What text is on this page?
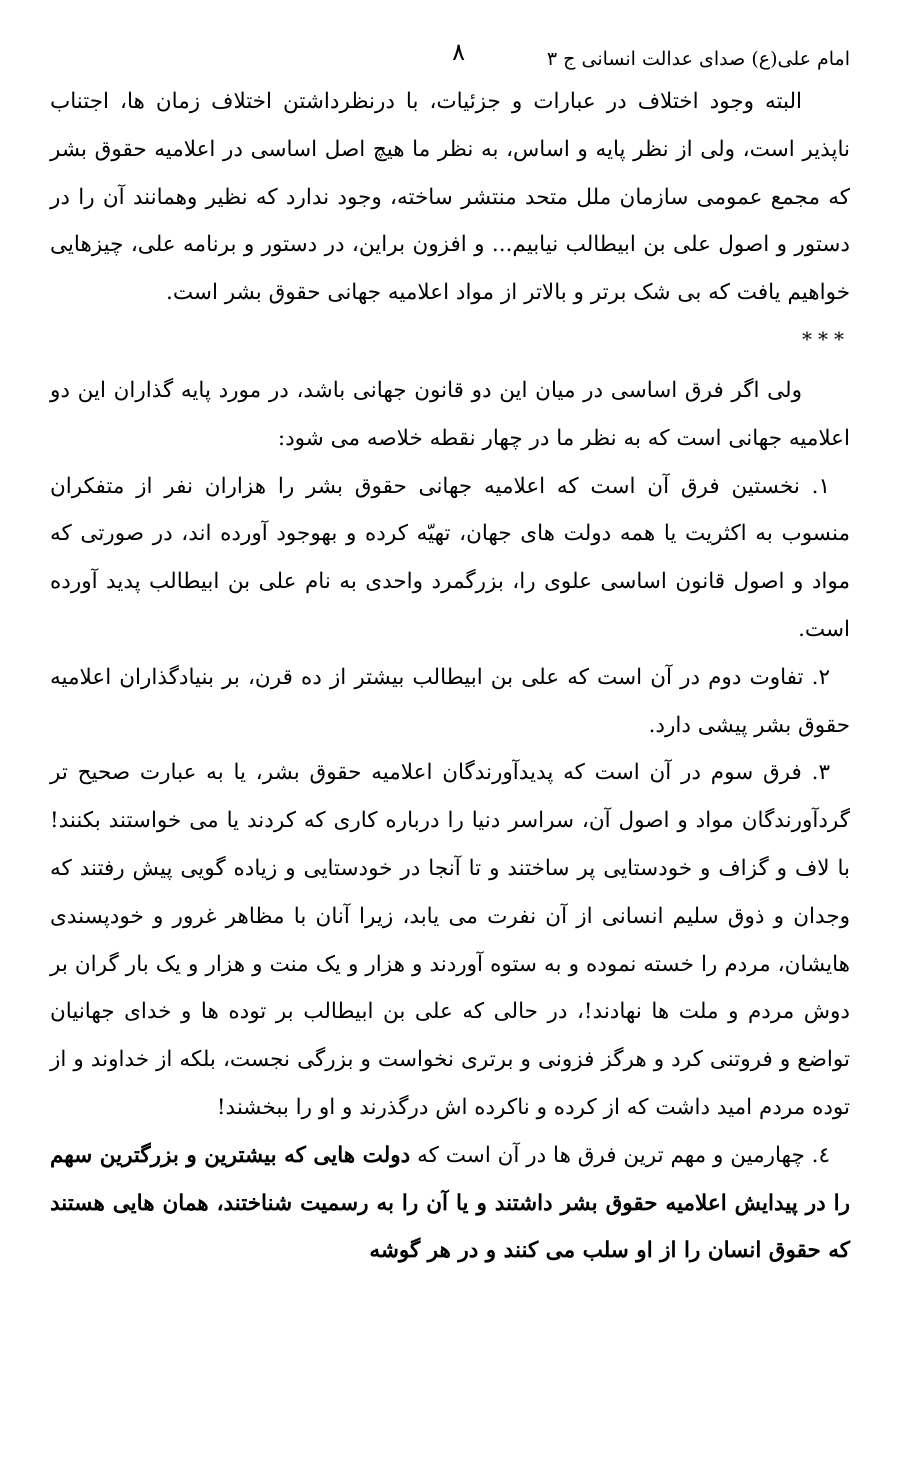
امام علی(ع) صدای عدالت انسانی ج ٣
٨

البته وجود اختلاف در عبارات و جزئیات، با درنظرداشتن اختلاف زمان ها، اجتناب ناپذیر است، ولی از نظر پایه و اساس، به نظر ما هیچ اصل اساسی در اعلامیه حقوق بشر که مجمع عمومی سازمان ملل متحد منتشر ساخته، وجود ندارد که نظیر وهمانند آن را در دستور و اصول علی بن ابیطالب نیابیم... و افزون براین، در دستور و برنامه علی، چیزهایی خواهیم یافت که بی شک برتر و بالاتر از مواد اعلامیه جهانی حقوق بشر است.

***

ولی اگر فرق اساسی در میان این دو قانون جهانی باشد، در مورد پایه گذاران این دو اعلامیه جهانی است که به نظر ما در چهار نقطه خلاصه می شود:

١. نخستین فرق آن است که اعلامیه جهانی حقوق بشر را هزاران نفر از متفکران منسوب به اکثریت یا همه دولت های جهان، تهیّه کرده و بهوجود آورده اند، در صورتی که مواد و اصول قانون اساسی علوی را، بزرگمرد واحدی به نام علی بن ابیطالب پدید آورده است.

٢. تفاوت دوم در آن است که علی بن ابیطالب بیشتر از ده قرن، بر بنیادگذاران اعلامیه حقوق بشر پیشی دارد.

٣. فرق سوم در آن است که پدیدآورندگان اعلامیه حقوق بشر، یا به عبارت صحیح تر گردآورندگان مواد و اصول آن، سراسر دنیا را درباره کاری که کردند یا می خواستند بکنند! با لاف و گزاف و خودستایی پر ساختند و تا آنجا در خودستایی و زیاده گویی پیش رفتند که وجدان و ذوق سلیم انسانی از آن نفرت می یابد، زیرا آنان با مظاهر غرور و خودپسندی هایشان، مردم را خسته نموده و به ستوه آوردند و هزار و یک منت و هزار و یک بار گران بر دوش مردم و ملت ها نهادند!، در حالی که علی بن ابیطالب بر توده ها و خدای جهانیان تواضع و فروتنی کرد و هرگز فزونی و برتری نخواست و بزرگی نجست، بلکه از خداوند و از توده مردم امید داشت که از کرده و ناکرده اش درگذرند و او را ببخشند!

٤. چهارمین و مهم ترین فرق ها در آن است که دولت هایی که بیشترین و بزرگترین سهم را در پیدایش اعلامیه حقوق بشر داشتند و یا آن را به رسمیت شناختند، همان هایی هستند که حقوق انسان را از او سلب می کنند و در هر گوشه
